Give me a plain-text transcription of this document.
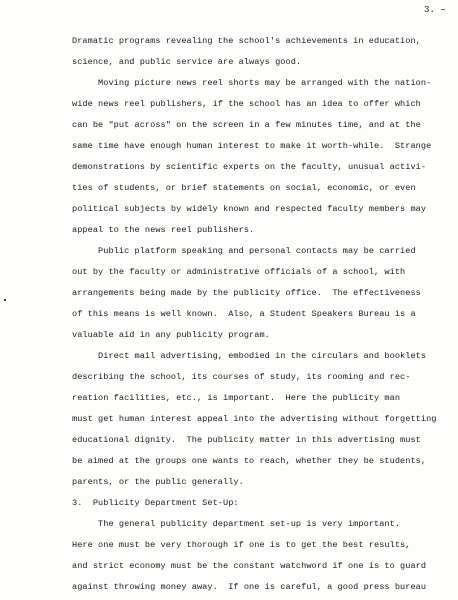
3.
Dramatic programs revealing the school's achievements in education,
science, and public service are always good.
Moving picture news reel shorts may be arranged with the nation-
wide news reel publishers, if the school has an idea to offer which
can be "put across" on the screen in a few minutes time, and at the
same time have enough human interest to make it worth-while.  Strange
demonstrations by scientific experts on the faculty, unusual activi-
ties of students, or brief statements on social, economic, or even
political subjects by widely known and respected faculty members may
appeal to the news reel publishers.
Public platform speaking and personal contacts may be carried
out by the faculty or administrative officials of a school, with
arrangements being made by the publicity office.  The effectiveness
of this means is well known.  Also, a Student Speakers Bureau is a
valuable aid in any publicity program.
Direct mail advertising, embodied in the circulars and booklets
describing the school, its courses of study, its rooming and rec-
reation facilities, etc., is important.  Here the publicity man
must get human interest appeal into the advertising without forgetting
educational dignity.  The publicity matter in this advertising must
be aimed at the groups one wants to reach, whether they be students,
parents, or the public generally.
3.  Publicity Department Set-Up:
The general publicity department set-up is very important.
Here one must be very thorough if one is to get the best results,
and strict economy must be the constant watchword if one is to guard
against throwing money away.  If one is careful, a good press bureau
